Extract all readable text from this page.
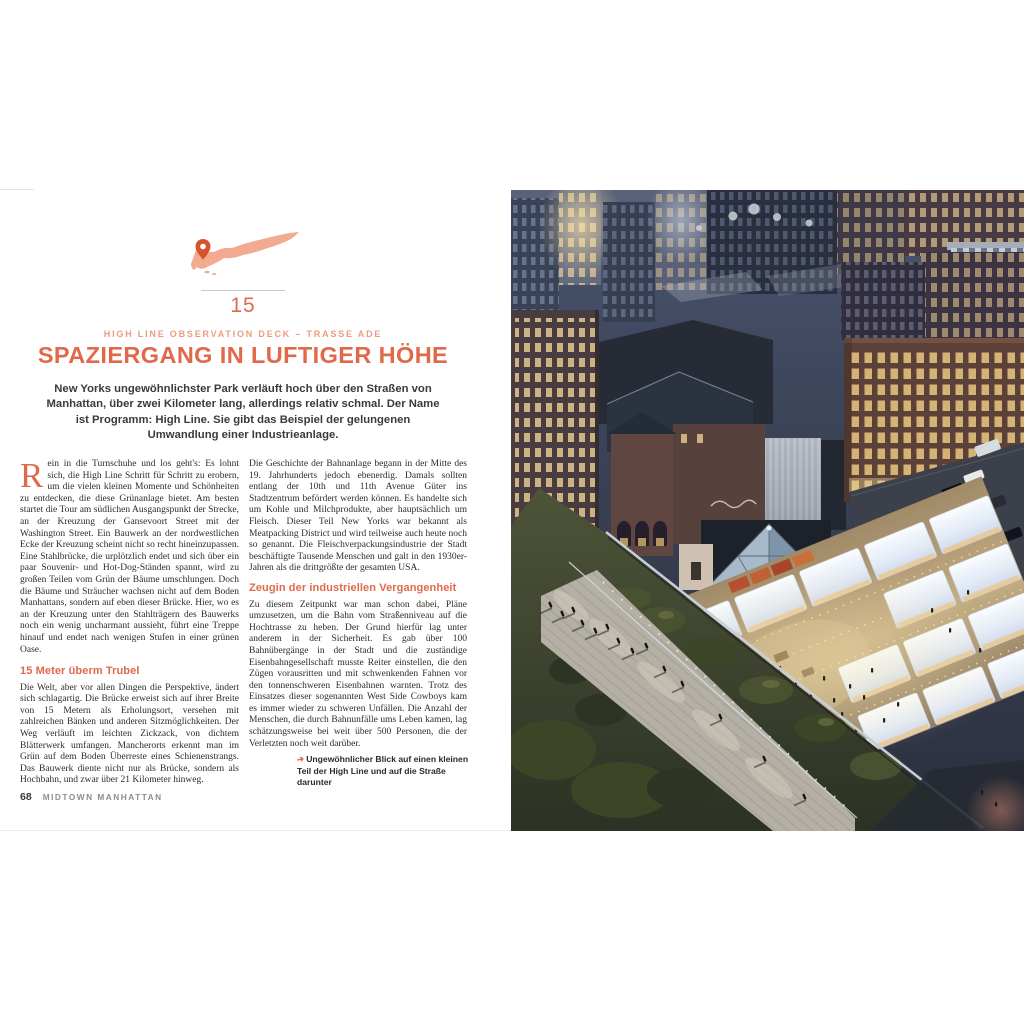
15
HIGH LINE OBSERVATION DECK – TRASSE ADE
SPAZIERGANG IN LUFTIGER HÖHE
New Yorks ungewöhnlichster Park verläuft hoch über den Straßen von Manhattan, über zwei Kilometer lang, allerdings relativ schmal. Der Name ist Programm: High Line. Sie gibt das Beispiel der gelungenen Umwandlung einer Industrieanlage.

Rein in die Turnschuhe und los geht's: Es lohnt sich, die High Line Schritt für Schritt zu erobern, um die vielen kleinen Momente und Schönheiten zu entdecken, die diese Grünanlage bietet. Am besten startet die Tour am südlichen Ausgangspunkt der Strecke, an der Kreuzung der Gansevoort Street mit der Washington Street. Ein Bauwerk an der nordwestlichen Ecke der Kreuzung scheint nicht so recht hineinzupassen. Eine Stahlbrücke, die urplötzlich endet und sich über ein paar Souvenir- und Hot-Dog-Ständen spannt, wird zu großen Teilen vom Grün der Bäume umschlungen. Doch die Bäume und Sträucher wachsen nicht auf dem Boden Manhattans, sondern auf eben dieser Brücke. Hier, wo es an der Kreuzung unter den Stahlträgern des Bauwerks noch ein wenig uncharmant aussieht, führt eine Treppe hinauf und endet nach wenigen Stufen in einer grünen Oase.

15 Meter überm Trubel

Die Welt, aber vor allen Dingen die Perspektive, ändert sich schlagartig. Die Brücke erweist sich auf ihrer Breite von 15 Metern als Erholungsort, versehen mit zahlreichen Bänken und anderen Sitzmöglichkeiten. Der Weg verläuft im leichten Zickzack, von dichtem Blätterwerk umfangen. Mancherorts erkennt man im Grün auf dem Boden Überreste eines Schienenstrangs. Das Bauwerk diente nicht nur als Brücke, sondern als Hochbahn, und zwar über 21 Kilometer hinweg.

Die Geschichte der Bahnanlage begann in der Mitte des 19. Jahrhunderts jedoch ebenerdig. Damals sollten entlang der 10th und 11th Avenue Güter ins Stadtzentrum befördert werden können. Es handelte sich um Kohle und Milchprodukte, aber hauptsächlich um Fleisch. Dieser Teil New Yorks war bekannt als Meatpacking District und wird teilweise auch heute noch so genannt. Die Fleischverpackungsindustrie der Stadt beschäftigte Tausende Menschen und galt in den 1930er-Jahren als die drittgrößte der gesamten USA.

Zeugin der industriellen Vergangenheit

Zu diesem Zeitpunkt war man schon dabei, Pläne umzusetzen, um die Bahn vom Straßenniveau auf die Hochtrasse zu heben. Der Grund hierfür lag unter anderem in der Sicherheit. Es gab über 100 Bahnübergänge in der Stadt und die zuständige Eisenbahngesellschaft musste Reiter einstellen, die den Zügen vorausritten und mit schwenkenden Fahnen vor den tonnenschweren Eisenbahnen warnten. Trotz des Einsatzes dieser sogenannten West Side Cowboys kam es immer wieder zu schweren Unfällen. Die Anzahl der Menschen, die durch Bahnunfälle ums Leben kamen, lag schätzungsweise bei weit über 500 Personen, die der Verletzten noch weit darüber.

➔Ungewöhnlicher Blick auf einen kleinen Teil der High Line und auf die Straße darunter
68 MIDTOWN MANHATTAN
